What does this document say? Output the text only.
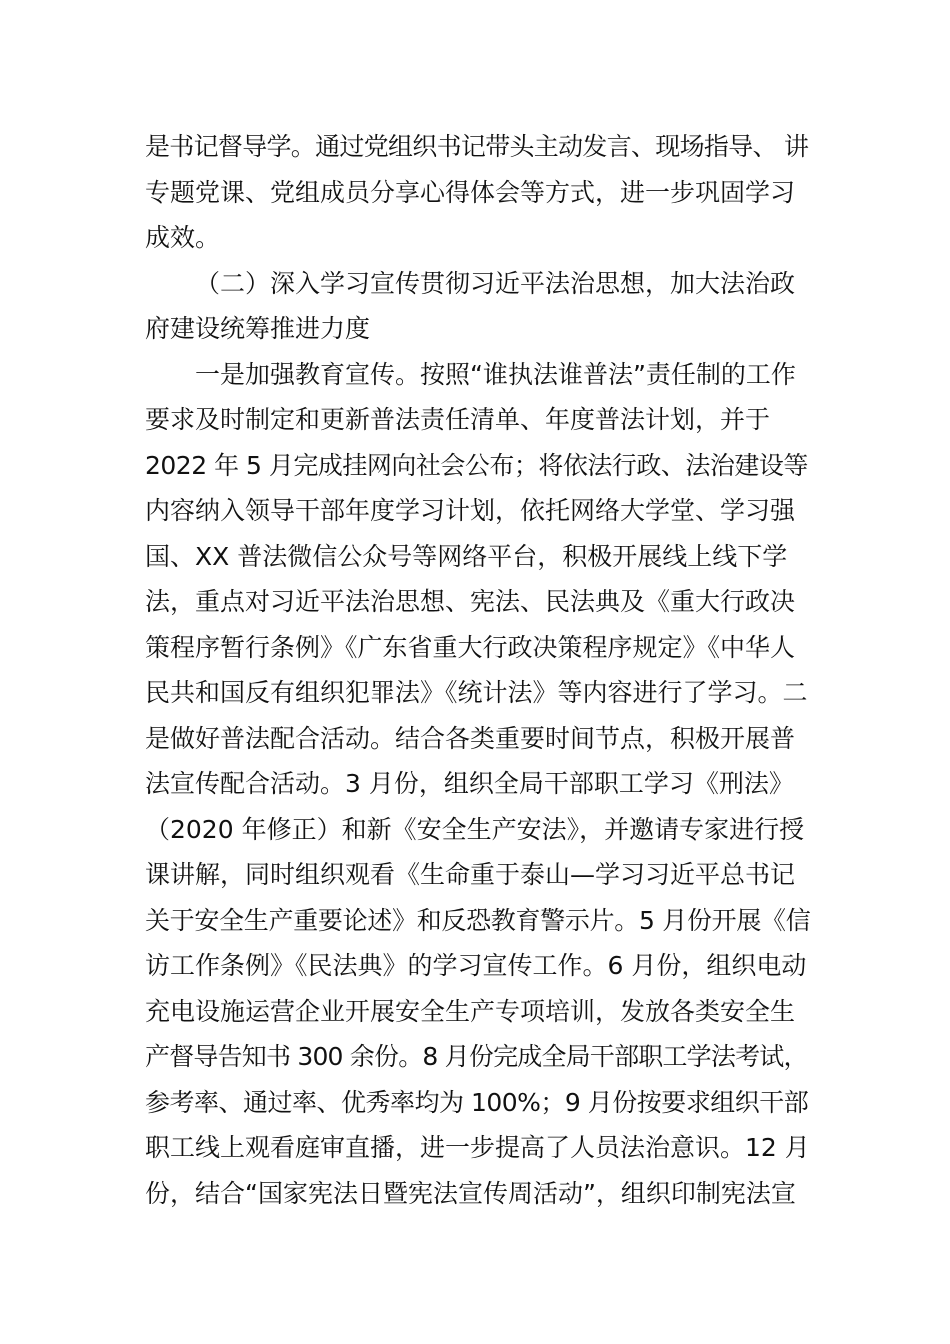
是书记督导学。通过党组织书记带头主动发言、现场指导、 讲
专题党课、党组成员分享心得体会等方式，进一步巩固学习
成效。
（二）深入学习宣传贯彻习近平法治思想，加大法治政
府建设统筹推进力度
一是加强教育宣传。按照“谁执法谁普法”责任制的工作
要求及时制定和更新普法责任清单、年度普法计划，并于
2022 年 5 月完成挂网向社会公布；将依法行政、法治建设等
内容纳入领导干部年度学习计划，依托网络大学堂、学习强
国、XX 普法微信公众号等网络平台，积极开展线上线下学
法，重点对习近平法治思想、宪法、民法典及《重大行政决
策程序暂行条例》《广东省重大行政决策程序规定》《中华人
民共和国反有组织犯罪法》《统计法》等内容进行了学习。二
是做好普法配合活动。结合各类重要时间节点，积极开展普
法宣传配合活动。3 月份，组织全局干部职工学习《刑法》
（2020 年修正）和新《安全生产安法》，并邀请专家进行授
课讲解，同时组织观看《生命重于泰山—学习习近平总书记
关于安全生产重要论述》和反恐教育警示片。5 月份开展《信
访工作条例》《民法典》的学习宣传工作。6 月份，组织电动
充电设施运营企业开展安全生产专项培训，发放各类安全生
产督导告知书 300 余份。8 月份完成全局干部职工学法考试，
参考率、通过率、优秀率均为 100%；9 月份按要求组织干部
职工线上观看庭审直播，进一步提高了人员法治意识。12 月
份，结合“国家宪法日暨宪法宣传周活动”，组织印制宪法宣
